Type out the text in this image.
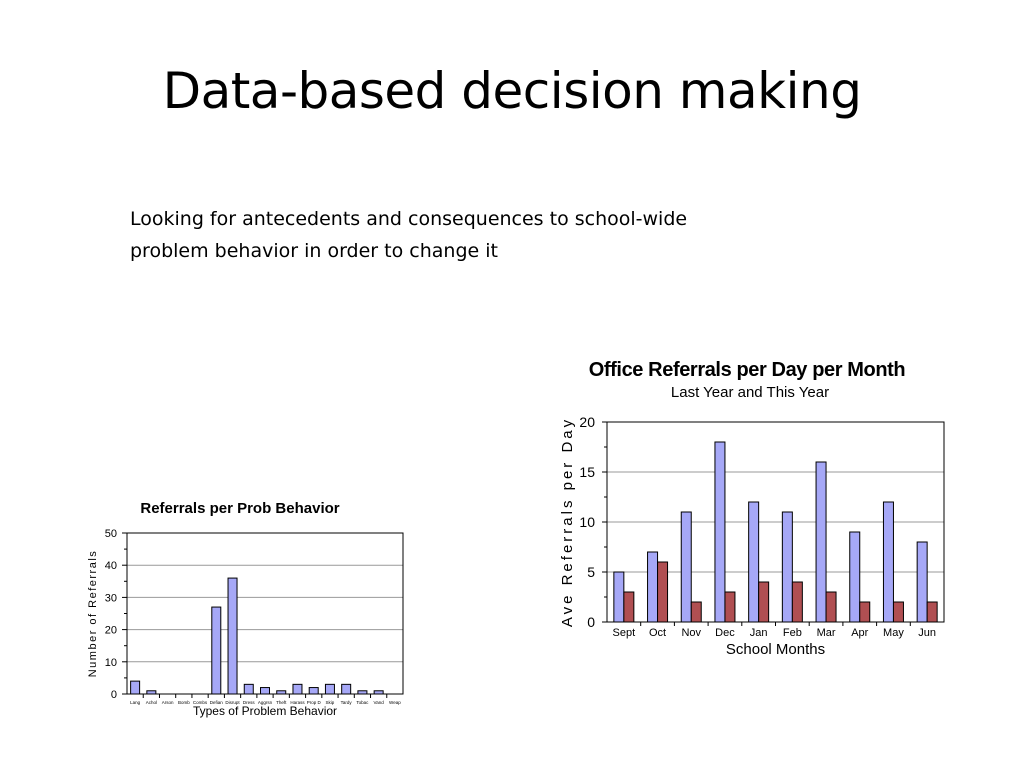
Data-based decision making
Looking for antecedents and consequences to school-wide problem behavior in order to change it
Referrals per Prob Behavior
0
10
20
30
40
50
Lang Achol Arson Bomb Combs Defian Disrupt Dress Aggrsn Theft Harass Prop D Skip Tardy Tobac Vand Weap
Number of Referrals
Types of Problem Behavior
Office Referrals per Day per Month
Last Year and This Year
0
5
10
15
20
Sept Oct Nov Dec Jan Feb Mar Apr May Jun
Ave Referrals per Day
School Months
